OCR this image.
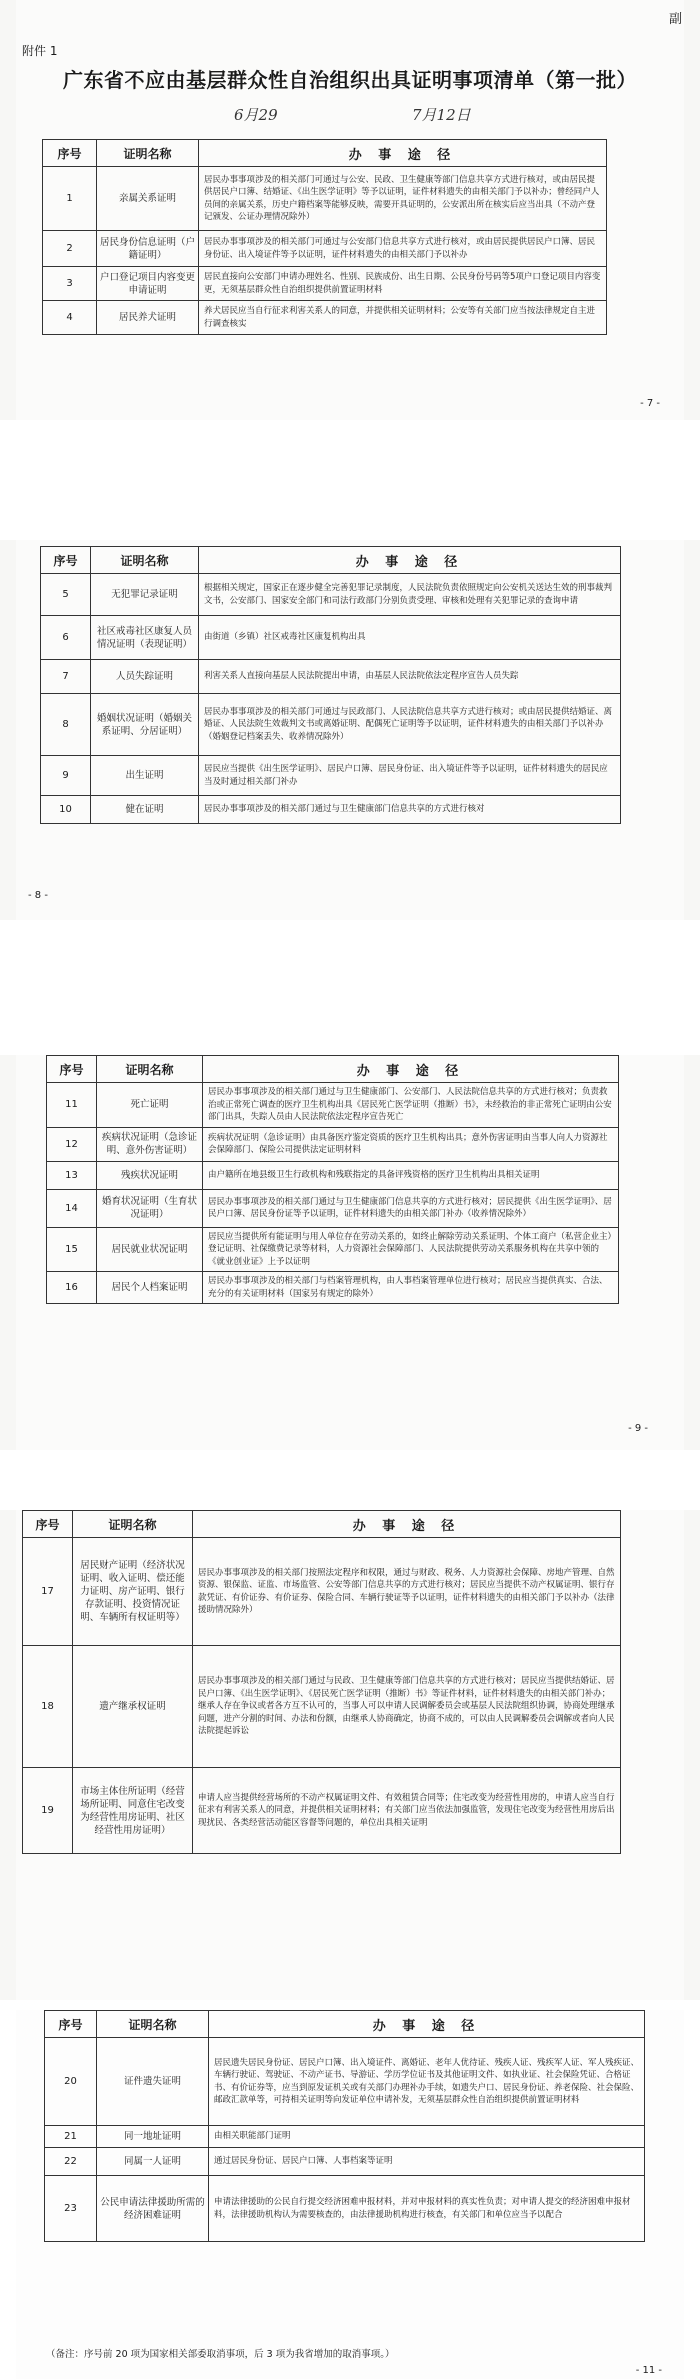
附件 1
副
广东省不应由基层群众性自治组织出具证明事项清单（第一批）
6月29	7月12日
序号	证明名称	办 事 途 径
1	亲属关系证明	居民办事事项涉及的相关部门可通过与公安、民政、卫生健康等部门信息共享方式进行核对，或由居民提供居民户口簿、结婚证、《出生医学证明》等予以证明，证件材料遗失的由相关部门予以补办；曾经同户人员间的亲属关系，历史户籍档案等能够反映，需要开具证明的，公安派出所在核实后应当出具（不动产登记颁发、公证办理情况除外）
2	居民身份信息证明（户籍证明）	居民办事事项涉及的相关部门可通过与公安部门信息共享方式进行核对，或由居民提供居民户口簿、居民身份证、出入境证件等予以证明，证件材料遗失的由相关部门予以补办
3	户口登记项目内容变更申请证明	居民直接向公安部门申请办理姓名、性别、民族成份、出生日期、公民身份号码等5项户口登记项目内容变更，无须基层群众性自治组织提供前置证明材料
4	居民养犬证明	养犬居民应当自行征求利害关系人的同意，并提供相关证明材料；公安等有关部门应当按法律规定自主进行调查核实
- 7 -
序号	证明名称	办 事 途 径
5	无犯罪记录证明	根据相关规定，国家正在逐步健全完善犯罪记录制度，人民法院负责依照规定向公安机关送达生效的刑事裁判文书，公安部门、国家安全部门和司法行政部门分别负责受理、审核和处理有关犯罪记录的查询申请
6	社区戒毒社区康复人员情况证明（表现证明）	由街道（乡镇）社区戒毒社区康复机构出具
7	人员失踪证明	利害关系人直接向基层人民法院提出申请，由基层人民法院依法定程序宣告人员失踪
8	婚姻状况证明（婚姻关系证明、分居证明）	居民办事事项涉及的相关部门可通过与民政部门、人民法院信息共享方式进行核对；或由居民提供结婚证、离婚证、人民法院生效裁判文书或离婚证明、配偶死亡证明等予以证明，证件材料遗失的由相关部门予以补办（婚姻登记档案丢失、收养情况除外）
9	出生证明	居民应当提供《出生医学证明》、居民户口簿、居民身份证、出入境证件等予以证明，证件材料遗失的居民应当及时通过相关部门补办
10	健在证明	居民办事事项涉及的相关部门通过与卫生健康部门信息共享的方式进行核对
- 8 -
序号	证明名称	办 事 途 径
11	死亡证明	居民办事事项涉及的相关部门通过与卫生健康部门、公安部门、人民法院信息共享的方式进行核对；负责救治或正常死亡调查的医疗卫生机构出具《居民死亡医学证明（推断）书》，未经救治的非正常死亡证明由公安部门出具，失踪人员由人民法院依法定程序宣告死亡
12	疾病状况证明（急诊证明、意外伤害证明）	疾病状况证明（急诊证明）由具备医疗鉴定资质的医疗卫生机构出具；意外伤害证明由当事人向人力资源社会保障部门、保险公司提供法定证明材料
13	残疾状况证明	由户籍所在地县级卫生行政机构和残联指定的具备评残资格的医疗卫生机构出具相关证明
14	婚育状况证明（生育状况证明）	居民办事事项涉及的相关部门通过与卫生健康部门信息共享的方式进行核对；居民提供《出生医学证明》、居民户口簿、居民身份证等予以证明，证件材料遗失的由相关部门补办（收养情况除外）
15	居民就业状况证明	居民应当提供所有能证明与用人单位存在劳动关系的，如终止解除劳动关系证明、个体工商户（私营企业主）登记证明、社保缴费记录等材料，人力资源社会保障部门、人民法院提供劳动关系服务机构在共享中领的《就业创业证》上予以证明
16	居民个人档案证明	居民办事事项涉及的相关部门与档案管理机构，由人事档案管理单位进行核对；居民应当提供真实、合法、充分的有关证明材料（国家另有规定的除外）
- 9 -
序号	证明名称	办 事 途 径
17	居民财产证明（经济状况证明、收入证明、偿还能力证明、房产证明、银行存款证明、投资情况证明、车辆所有权证明等）	居民办事事项涉及的相关部门按照法定程序和权限，通过与财政、税务、人力资源社会保障、房地产管理、自然资源、银保监、证监、市场监管、公安等部门信息共享的方式进行核对；居民应当提供不动产权属证明、银行存款凭证、有价证券、有价证券、保险合同、车辆行驶证等予以证明，证件材料遗失的由相关部门予以补办（法律援助情况除外）
18	遗产继承权证明	居民办事事项涉及的相关部门通过与民政、卫生健康等部门信息共享的方式进行核对；居民应当提供结婚证、居民户口簿、《出生医学证明》、《居民死亡医学证明（推断）书》等证件材料，证件材料遗失的由相关部门补办；继承人存在争议或者各方互不认可的，当事人可以申请人民调解委员会或基层人民法院组织协调，协商处理继承问题，进产分割的时间、办法和份额，由继承人协商确定，协商不成的，可以由人民调解委员会调解或者向人民法院提起诉讼
19	市场主体住所证明（经营场所证明、同意住宅改变为经营性用房证明、社区经营性用房证明）	申请人应当提供经营场所的不动产权属证明文件、有效租赁合同等；住宅改变为经营性用房的，申请人应当自行征求有利害关系人的同意，并提供相关证明材料；有关部门应当依法加强监管，发现住宅改变为经营性用房后出现扰民、各类经营活动能区容督等问题的，单位出具相关证明
序号	证明名称	办 事 途 径
20	证件遗失证明	居民遗失居民身份证、居民户口簿、出入境证件、离婚证、老年人优待证、残疾人证、残疾军人证、军人残疾证、车辆行驶证、驾驶证、不动产证书、导游证、学历学位证书及其他证明文件、如执业证、社会保险凭证、合格证书、有价证券等，应当到原发证机关或有关部门办理补办手续，如遗失户口、居民身份证、养老保险、社会保险、邮政汇款单等，可持相关证明等向发证单位申请补发，无须基层群众性自治组织提供前置证明材料
21	同一地址证明	由相关职能部门证明
22	同属一人证明	通过居民身份证、居民户口簿、人事档案等证明
23	公民申请法律援助所需的经济困难证明	申请法律援助的公民自行提交经济困难申报材料，并对申报材料的真实性负责；对申请人提交的经济困难申报材料，法律援助机构认为需要核查的，由法律援助机构进行核查，有关部门和单位应当予以配合
- 11 -
（备注：序号前 20 项为国家相关部委取消事项，后 3 项为我省增加的取消事项。）
